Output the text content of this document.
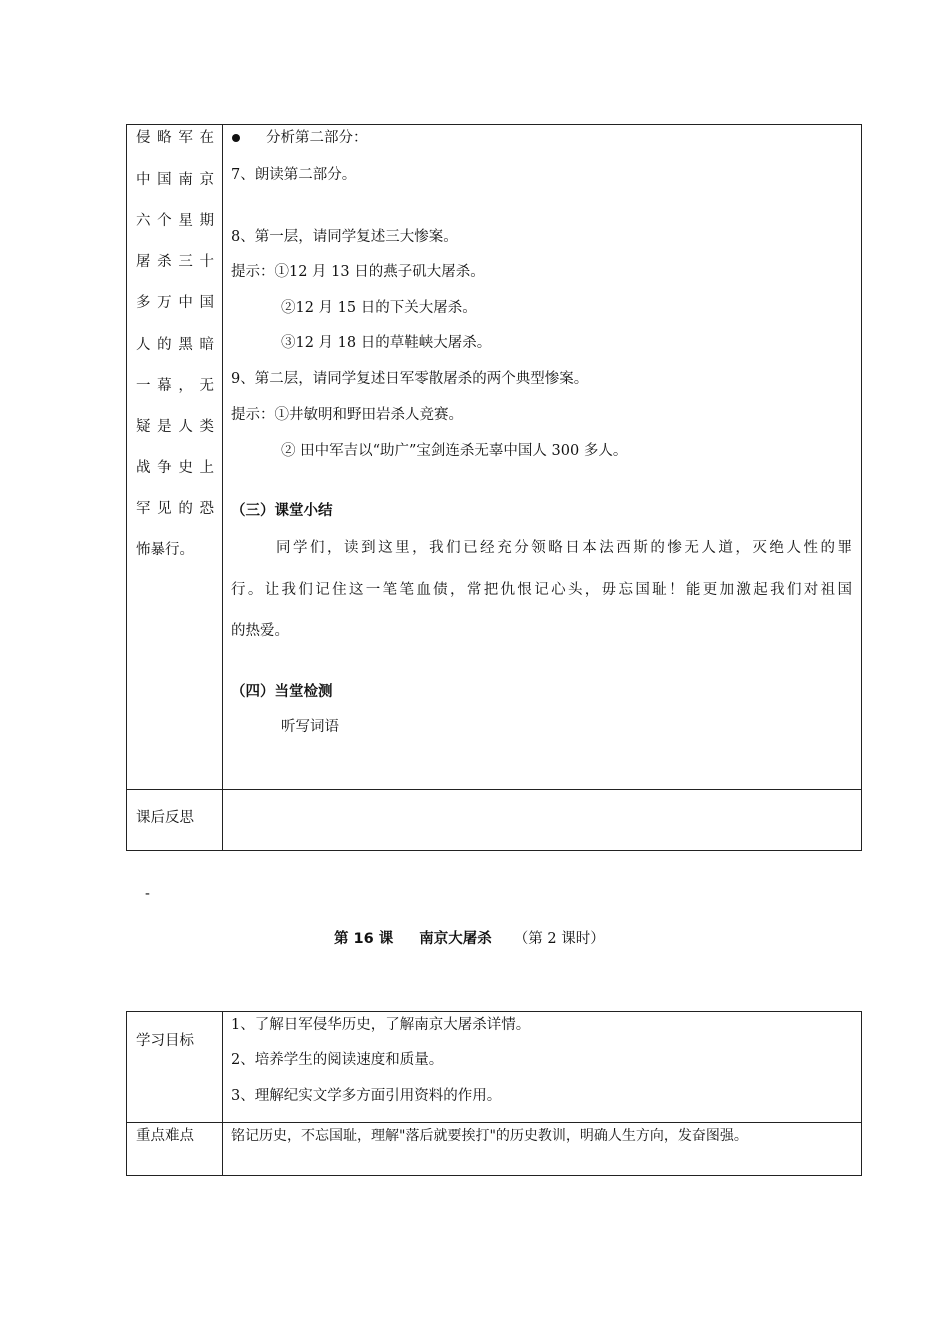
侵略军在
中国南京
六个星期
屠杀三十
多万中国
人的黑暗
一幕，无
疑是人类
战争史上
罕见的恐
怖暴行。
分析第二部分：
7、朗读第二部分。
8、第一层，请同学复述三大惨案。
提示：①12 月 13 日的燕子矶大屠杀。
②12 月 15 日的下关大屠杀。
③12 月 18 日的草鞋峡大屠杀。
9、第二层，请同学复述日军零散屠杀的两个典型惨案。
提示：①井敏明和野田岩杀人竞赛。
② 田中军吉以“助广”宝剑连杀无辜中国人 300 多人。
（三）课堂小结
同学们，读到这里，我们已经充分领略日本法西斯的惨无人道，灭绝人性的罪
行。让我们记住这一笔笔血债，常把仇恨记心头，毋忘国耻！能更加激起我们对祖国
的热爱。
（四）当堂检测
听写词语
课后反思
-
第 16 课 南京大屠杀 （第 2 课时）
学习目标
1、了解日军侵华历史，了解南京大屠杀详情。
2、培养学生的阅读速度和质量。
3、理解纪实文学多方面引用资料的作用。
重点难点	铭记历史，不忘国耻，理解"落后就要挨打"的历史教训，明确人生方向，发奋图强。
